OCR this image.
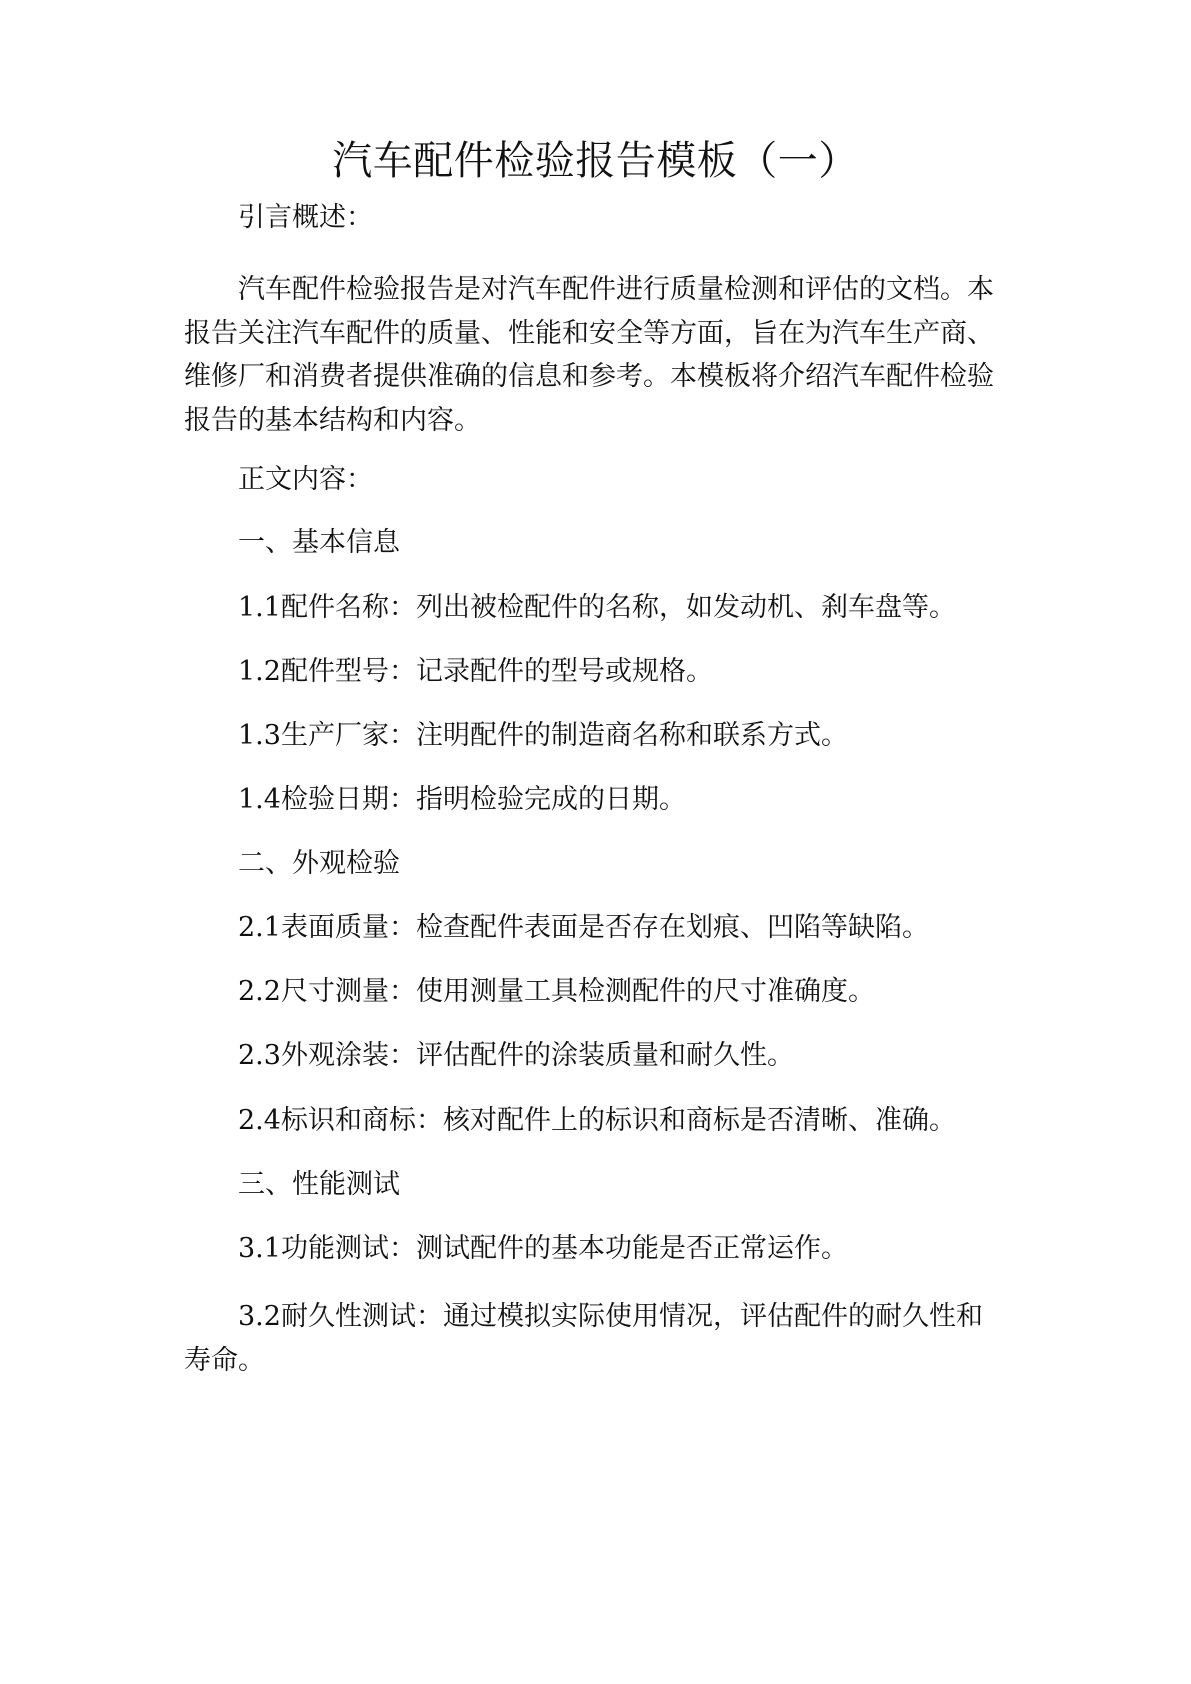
汽车配件检验报告模板（一）

引言概述：

汽车配件检验报告是对汽车配件进行质量检测和评估的文档。本报告关注汽车配件的质量、性能和安全等方面，旨在为汽车生产商、维修厂和消费者提供准确的信息和参考。本模板将介绍汽车配件检验报告的基本结构和内容。

正文内容：

一、基本信息

1.1配件名称：列出被检配件的名称，如发动机、刹车盘等。

1.2配件型号：记录配件的型号或规格。

1.3生产厂家：注明配件的制造商名称和联系方式。

1.4检验日期：指明检验完成的日期。

二、外观检验

2.1表面质量：检查配件表面是否存在划痕、凹陷等缺陷。

2.2尺寸测量：使用测量工具检测配件的尺寸准确度。

2.3外观涂装：评估配件的涂装质量和耐久性。

2.4标识和商标：核对配件上的标识和商标是否清晰、准确。

三、性能测试

3.1功能测试：测试配件的基本功能是否正常运作。

3.2耐久性测试：通过模拟实际使用情况，评估配件的耐久性和寿命。
